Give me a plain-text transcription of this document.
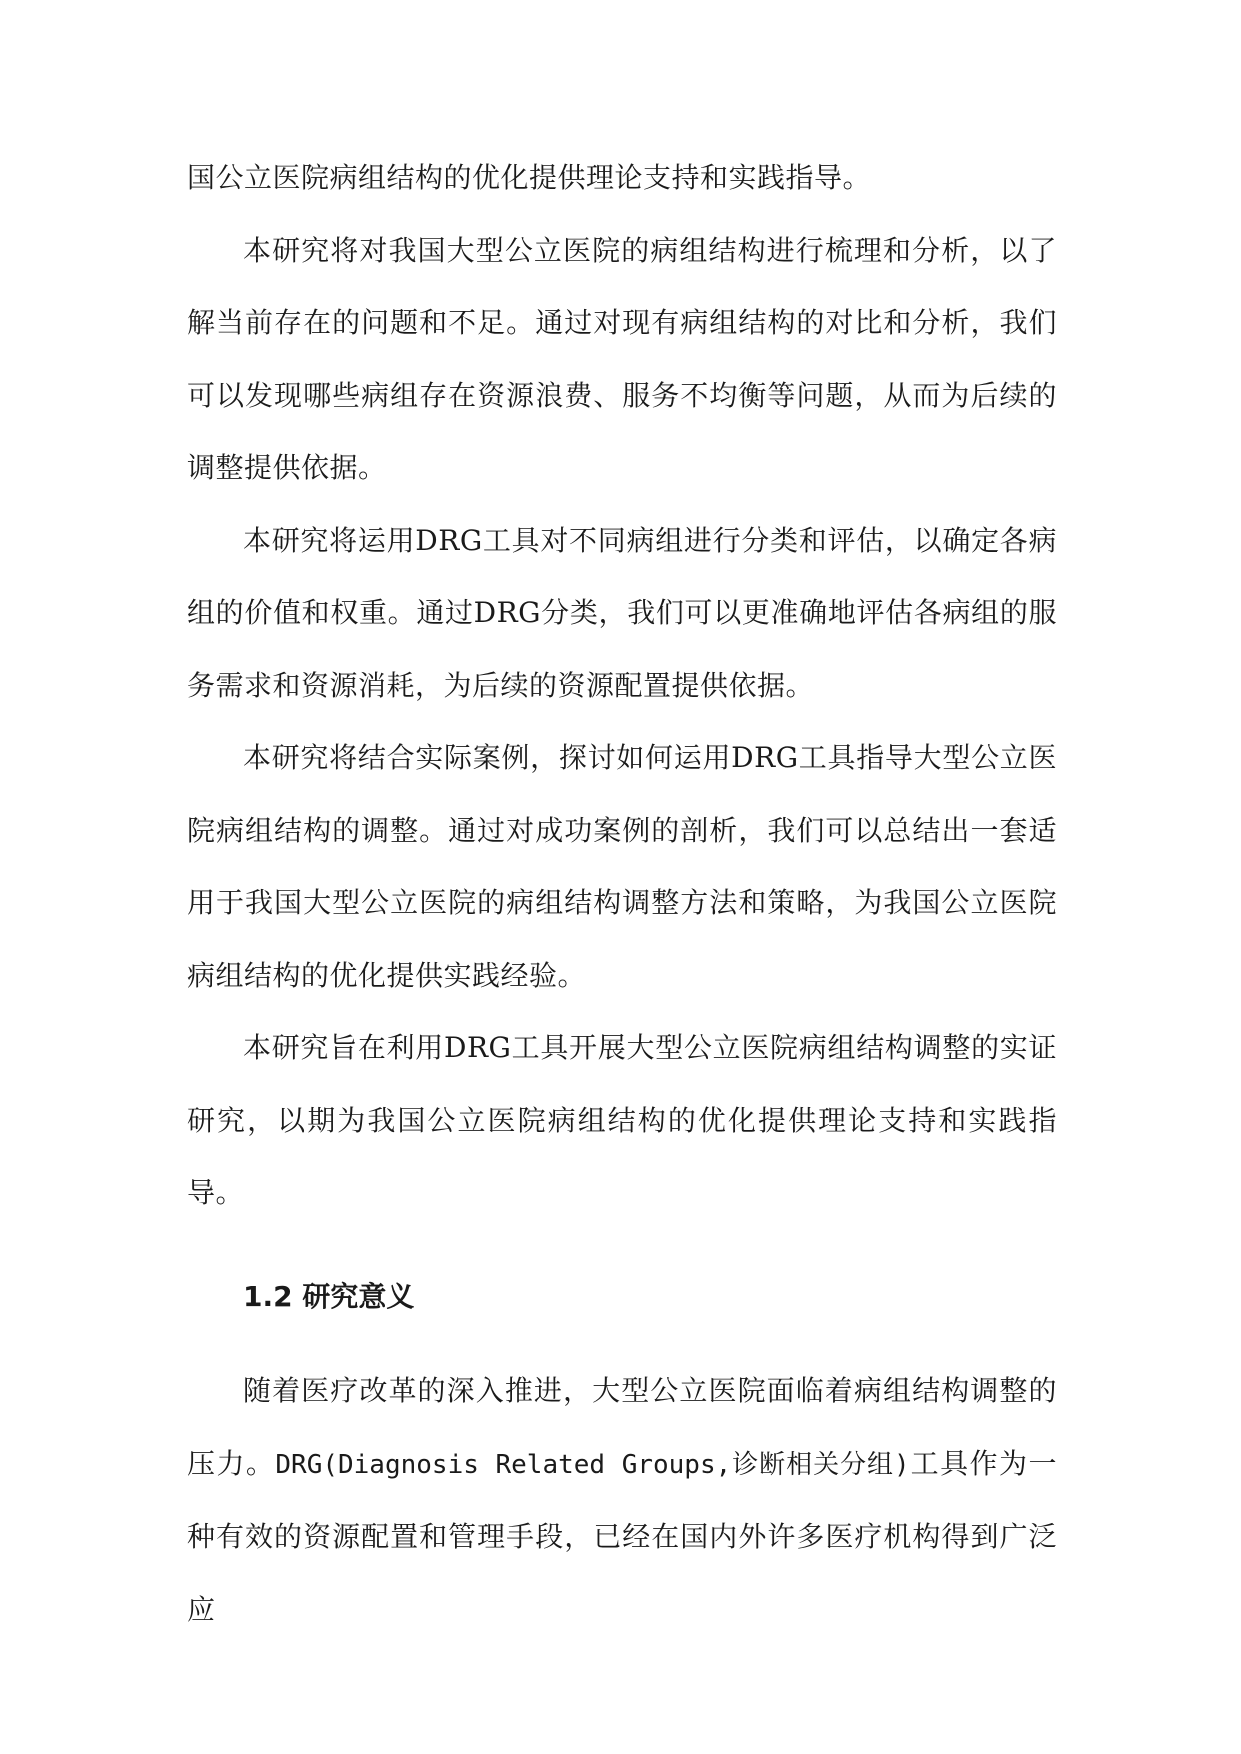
国公立医院病组结构的优化提供理论支持和实践指导。

本研究将对我国大型公立医院的病组结构进行梳理和分析，以了解当前存在的问题和不足。通过对现有病组结构的对比和分析，我们可以发现哪些病组存在资源浪费、服务不均衡等问题，从而为后续的调整提供依据。

本研究将运用DRG工具对不同病组进行分类和评估，以确定各病组的价值和权重。通过DRG分类，我们可以更准确地评估各病组的服务需求和资源消耗，为后续的资源配置提供依据。

本研究将结合实际案例，探讨如何运用DRG工具指导大型公立医院病组结构的调整。通过对成功案例的剖析，我们可以总结出一套适用于我国大型公立医院的病组结构调整方法和策略，为我国公立医院病组结构的优化提供实践经验。

本研究旨在利用DRG工具开展大型公立医院病组结构调整的实证研究，以期为我国公立医院病组结构的优化提供理论支持和实践指导。

1.2 研究意义

随着医疗改革的深入推进，大型公立医院面临着病组结构调整的压力。DRG(Diagnosis Related Groups,诊断相关分组)工具作为一种有效的资源配置和管理手段，已经在国内外许多医疗机构得到广泛应
